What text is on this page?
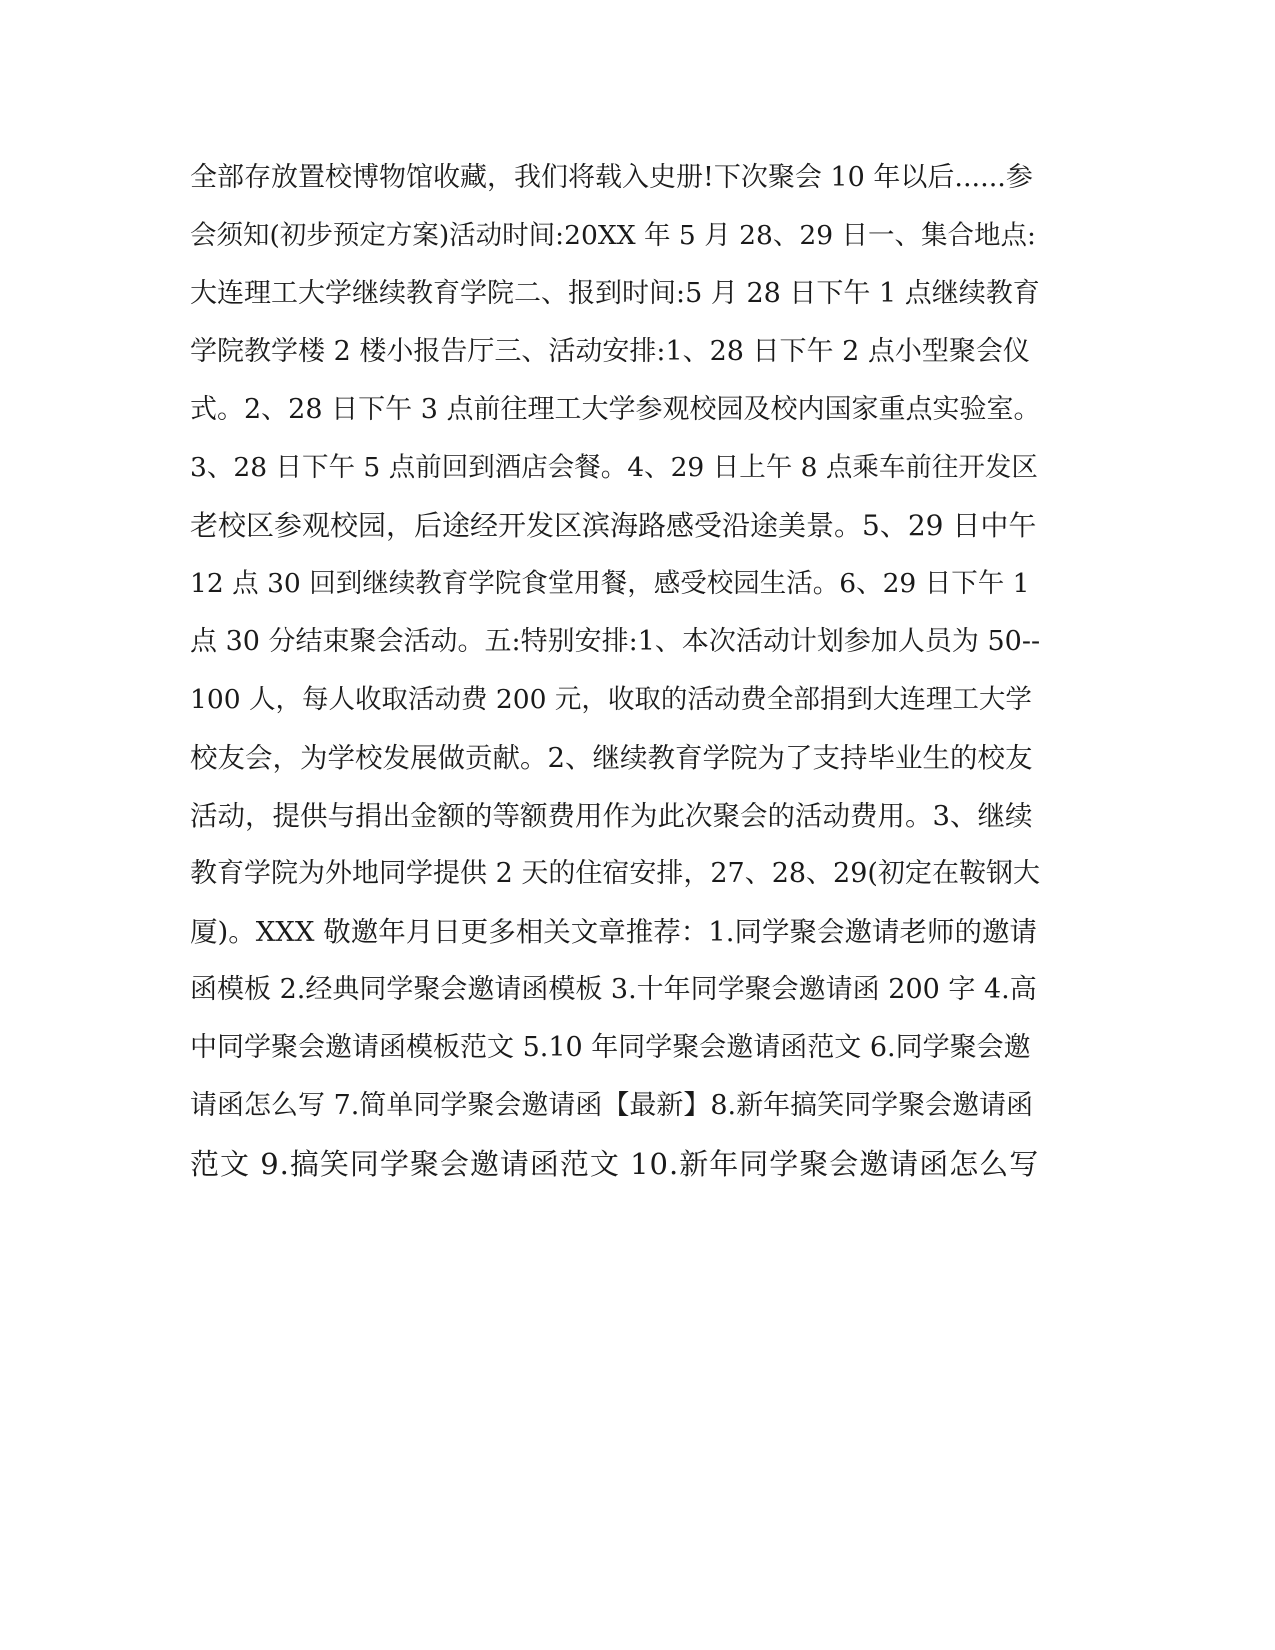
全部存放置校博物馆收藏，我们将载入史册!下次聚会 10 年以后......参
会须知(初步预定方案)活动时间:20XX 年 5 月 28、29 日一、集合地点:
大连理工大学继续教育学院二、报到时间:5 月 28 日下午 1 点继续教育
学院教学楼 2 楼小报告厅三、活动安排:1、28 日下午 2 点小型聚会仪
式。2、28 日下午 3 点前往理工大学参观校园及校内国家重点实验室。
3、28 日下午 5 点前回到酒店会餐。4、29 日上午 8 点乘车前往开发区
老校区参观校园，后途经开发区滨海路感受沿途美景。5、29 日中午
12 点 30 回到继续教育学院食堂用餐，感受校园生活。6、29 日下午 1
点 30 分结束聚会活动。五:特别安排:1、本次活动计划参加人员为 50--
100 人，每人收取活动费 200 元，收取的活动费全部捐到大连理工大学
校友会，为学校发展做贡献。2、继续教育学院为了支持毕业生的校友
活动，提供与捐出金额的等额费用作为此次聚会的活动费用。3、继续
教育学院为外地同学提供 2 天的住宿安排，27、28、29(初定在鞍钢大
厦)。XXX 敬邀年月日更多相关文章推荐：1.同学聚会邀请老师的邀请
函模板 2.经典同学聚会邀请函模板 3.十年同学聚会邀请函 200 字 4.高
中同学聚会邀请函模板范文 5.10 年同学聚会邀请函范文 6.同学聚会邀
请函怎么写 7.简单同学聚会邀请函【最新】8.新年搞笑同学聚会邀请函
范文 9.搞笑同学聚会邀请函范文 10.新年同学聚会邀请函怎么写
